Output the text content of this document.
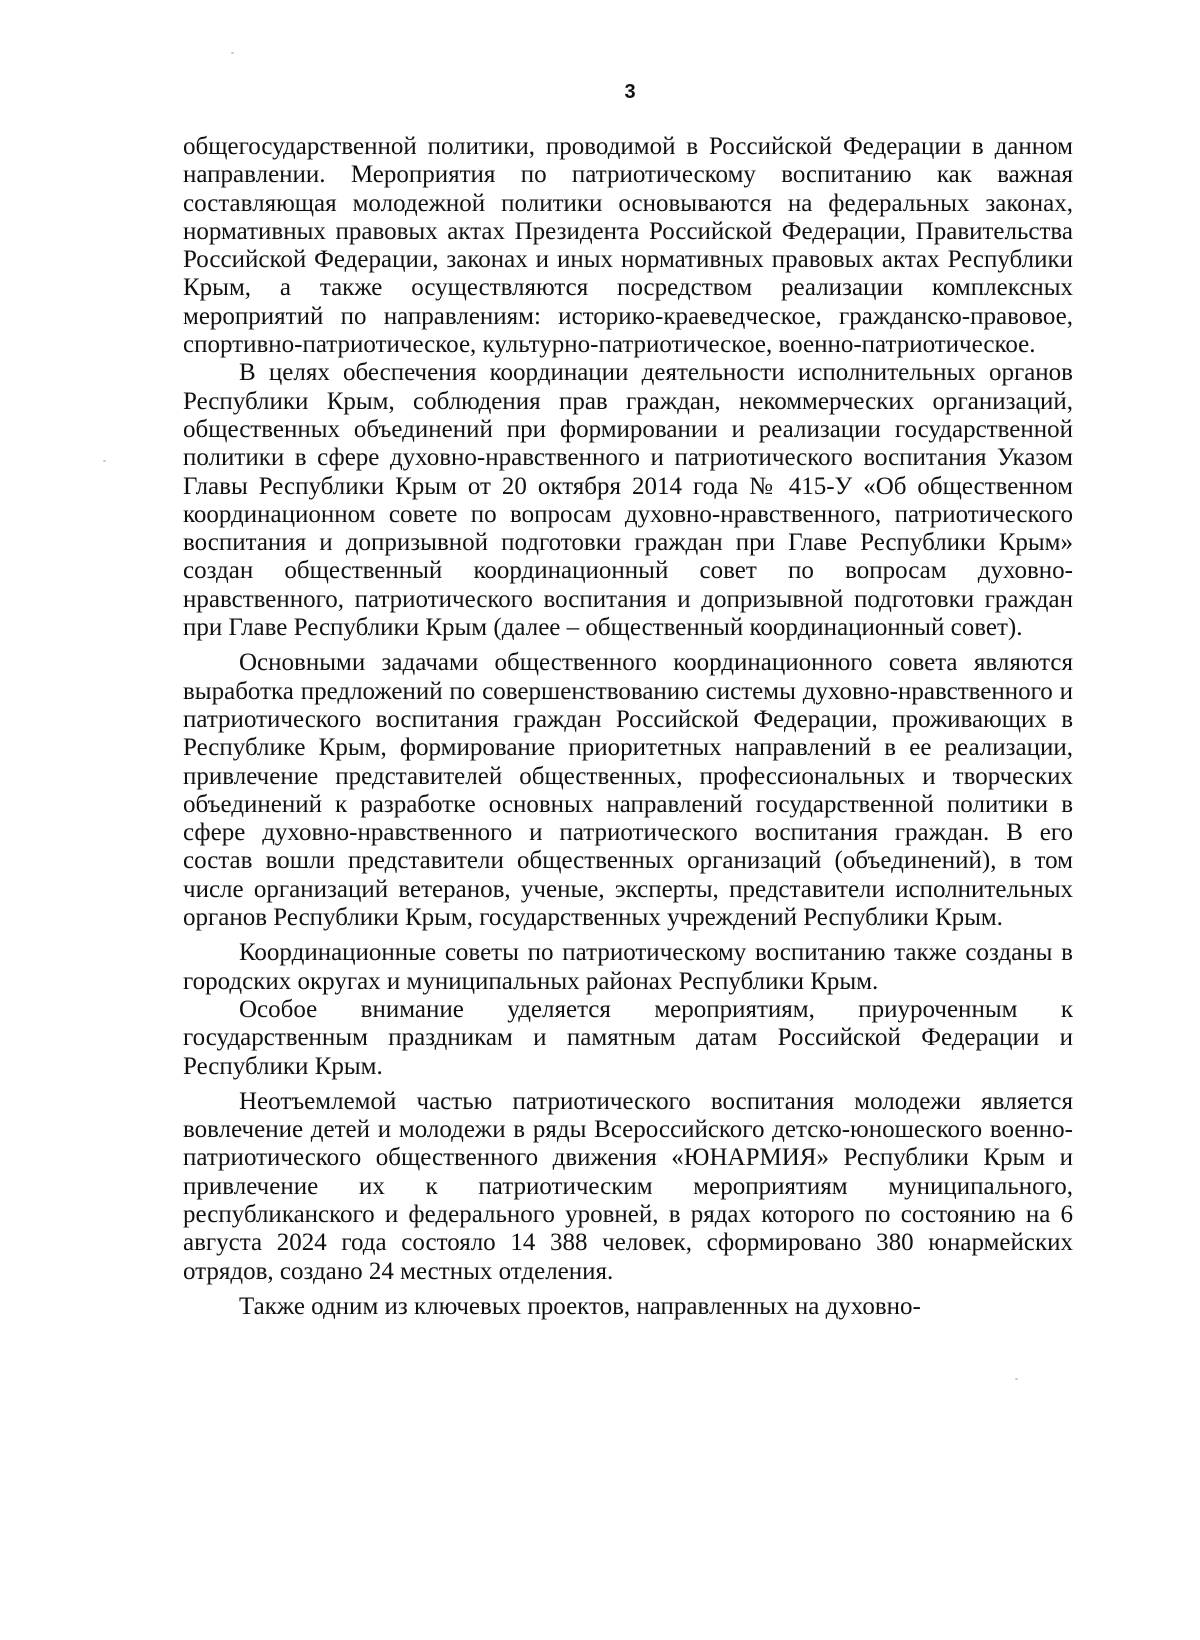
3

общегосударственной политики, проводимой в Российской Федерации в данном направлении. Мероприятия по патриотическому воспитанию как важная составляющая молодежной политики основываются на федеральных законах, нормативных правовых актах Президента Российской Федерации, Правительства Российской Федерации, законах и иных нормативных правовых актах Республики Крым, а также осуществляются посредством реализации комплексных мероприятий по направлениям: историко-краеведческое, гражданско-правовое, спортивно-патриотическое, культурно-патриотическое, военно-патриотическое.

В целях обеспечения координации деятельности исполнительных органов Республики Крым, соблюдения прав граждан, некоммерческих организаций, общественных объединений при формировании и реализации государственной политики в сфере духовно-нравственного и патриотического воспитания Указом Главы Республики Крым от 20 октября 2014 года № 415-У «Об общественном координационном совете по вопросам духовно-нравственного, патриотического воспитания и допризывной подготовки граждан при Главе Республики Крым» создан общественный координационный совет по вопросам духовно-нравственного, патриотического воспитания и допризывной подготовки граждан при Главе Республики Крым (далее – общественный координационный совет).

Основными задачами общественного координационного совета являются выработка предложений по совершенствованию системы духовно-нравственного и патриотического воспитания граждан Российской Федерации, проживающих в Республике Крым, формирование приоритетных направлений в ее реализации, привлечение представителей общественных, профессиональных и творческих объединений к разработке основных направлений государственной политики в сфере духовно-нравственного и патриотического воспитания граждан. В его состав вошли представители общественных организаций (объединений), в том числе организаций ветеранов, ученые, эксперты, представители исполнительных органов Республики Крым, государственных учреждений Республики Крым.

Координационные советы по патриотическому воспитанию также созданы в городских округах и муниципальных районах Республики Крым.

Особое внимание уделяется мероприятиям, приуроченным к государственным праздникам и памятным датам Российской Федерации и Республики Крым.

Неотъемлемой частью патриотического воспитания молодежи является вовлечение детей и молодежи в ряды Всероссийского детско-юношеского военно-патриотического общественного движения «ЮНАРМИЯ» Республики Крым и привлечение их к патриотическим мероприятиям муниципального, республиканского и федерального уровней, в рядах которого по состоянию на 6 августа 2024 года состояло 14 388 человек, сформировано 380 юнармейских отрядов, создано 24 местных отделения.

Также одним из ключевых проектов, направленных на духовно-
